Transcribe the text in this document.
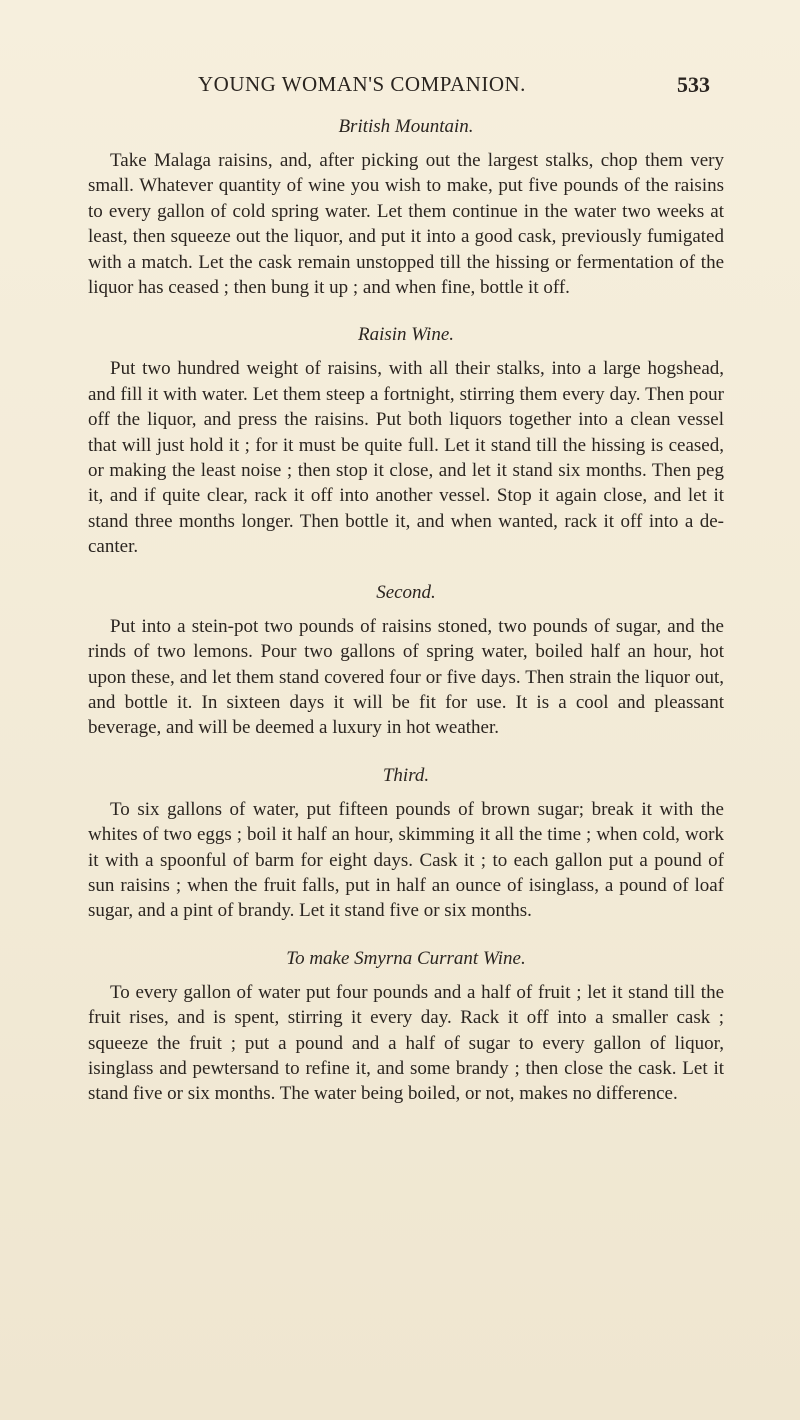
YOUNG WOMAN'S COMPANION.	533
British Mountain.

Take Malaga raisins, and, after picking out the largest stalks, chop them very small. Whatever quantity of wine you wish to make, put five pounds of the raisins to every gallon of cold spring water. Let them continue in the water two weeks at least, then squeeze out the liquor, and put it into a good cask, previously fumigated with a match. Let the cask remain unstopped till the hissing or fermentation of the liquor has ceased ; then bung it up ; and when fine, bottle it off.

Raisin Wine.

Put two hundred weight of raisins, with all their stalks, into a large hogshead, and fill it with water. Let them steep a fortnight, stirring them every day. Then pour off the liquor, and press the raisins. Put both liquors together into a clean vessel that will just hold it ; for it must be quite full. Let it stand till the hissing is ceased, or making the least noise ; then stop it close, and let it stand six months. Then peg it, and if quite clear, rack it off into another vessel. Stop it again close, and let it stand three months longer. Then bottle it, and when wanted, rack it off into a decanter.

Second.

Put into a stein-pot two pounds of raisins stoned, two pounds of sugar, and the rinds of two lemons. Pour two gallons of spring water, boiled half an hour, hot upon these, and let them stand covered four or five days. Then strain the liquor out, and bottle it. In sixteen days it will be fit for use. It is a cool and pleassant beverage, and will be deemed a luxury in hot weather.

Third.

To six gallons of water, put fifteen pounds of brown sugar; break it with the whites of two eggs ; boil it half an hour, skimming it all the time ; when cold, work it with a spoonful of barm for eight days. Cask it ; to each gallon put a pound of sun raisins ; when the fruit falls, put in half an ounce of isinglass, a pound of loaf sugar, and a pint of brandy. Let it stand five or six months.

To make Smyrna Currant Wine.

To every gallon of water put four pounds and a half of fruit ; let it stand till the fruit rises, and is spent, stirring it every day. Rack it off into a smaller cask ; squeeze the fruit ; put a pound and a half of sugar to every gallon of liquor, isinglass and pewtersand to refine it, and some brandy ; then close the cask. Let it stand five or six months. The water being boiled, or not, makes no difference.
